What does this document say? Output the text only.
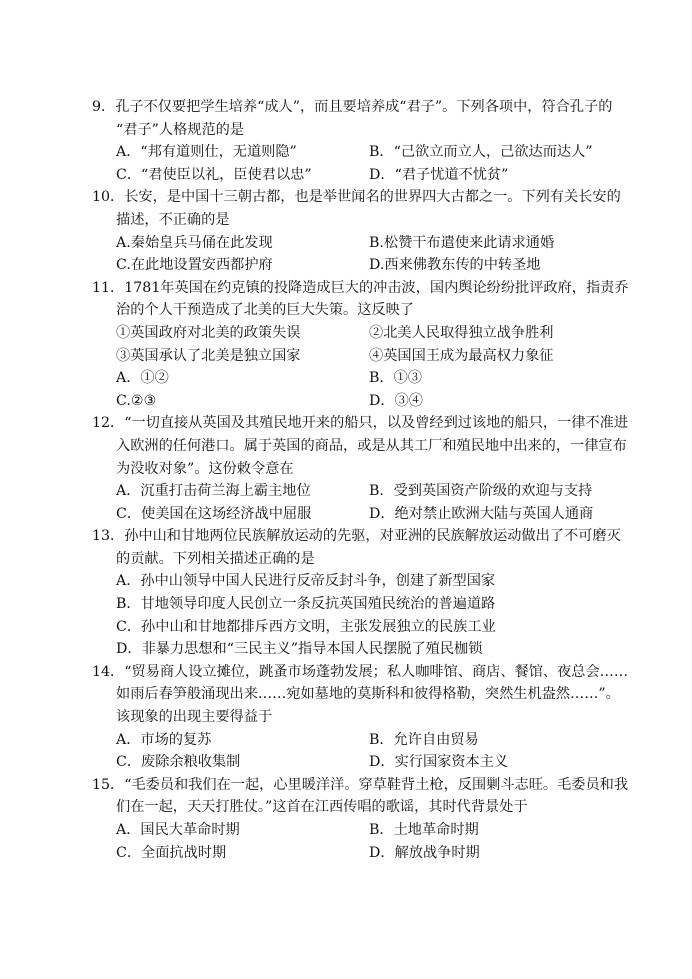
9．孔子不仅要把学生培养“成人”，而且要培养成“君子”。下列各项中，符合孔子的
“君子”人格规范的是
A．“邦有道则仕，无道则隐”	B．“己欲立而立人，己欲达而达人”
C．“君使臣以礼，臣使君以忠”	D．“君子忧道不忧贫”
10．长安，是中国十三朝古都，也是举世闻名的世界四大古都之一。下列有关长安的
描述，不正确的是
A.秦始皇兵马俑在此发现	B.松赞干布遣使来此请求通婚
C.在此地设置安西都护府	D.西来佛教东传的中转圣地
11．1781年英国在约克镇的投降造成巨大的冲击波，国内舆论纷纷批评政府，指责乔
治的个人干预造成了北美的巨大失策。这反映了
①英国政府对北美的政策失误	②北美人民取得独立战争胜利
③英国承认了北美是独立国家	④英国国王成为最高权力象征
A．①②	B．①③
C.②③	D．③④
12．“一切直接从英国及其殖民地开来的船只，以及曾经到过该地的船只，一律不准进
入欧洲的任何港口。属于英国的商品，或是从其工厂和殖民地中出来的，一律宣布
为没收对象”。这份敕令意在
A．沉重打击荷兰海上霸主地位	B．受到英国资产阶级的欢迎与支持
C．使美国在这场经济战中屈服	D．绝对禁止欧洲大陆与英国人通商
13．孙中山和甘地两位民族解放运动的先驱，对亚洲的民族解放运动做出了不可磨灭
的贡献。下列相关描述正确的是
A．孙中山领导中国人民进行反帝反封斗争，创建了新型国家
B．甘地领导印度人民创立一条反抗英国殖民统治的普遍道路
C．孙中山和甘地都排斥西方文明，主张发展独立的民族工业
D．非暴力思想和“三民主义”指导本国人民摆脱了殖民枷锁
14．“贸易商人设立摊位，跳蚤市场蓬勃发展；私人咖啡馆、商店、餐馆、夜总会……
如雨后春笋般涌现出来……宛如墓地的莫斯科和彼得格勒，突然生机盎然……”。
该现象的出现主要得益于
A．市场的复苏	B．允许自由贸易
C．废除余粮收集制	D．实行国家资本主义
15．“毛委员和我们在一起，心里暖洋洋。穿草鞋背土枪，反围剿斗志旺。毛委员和我
们在一起，天天打胜仗。”这首在江西传唱的歌谣，其时代背景处于
A．国民大革命时期	B．土地革命时期
C．全面抗战时期	D．解放战争时期
